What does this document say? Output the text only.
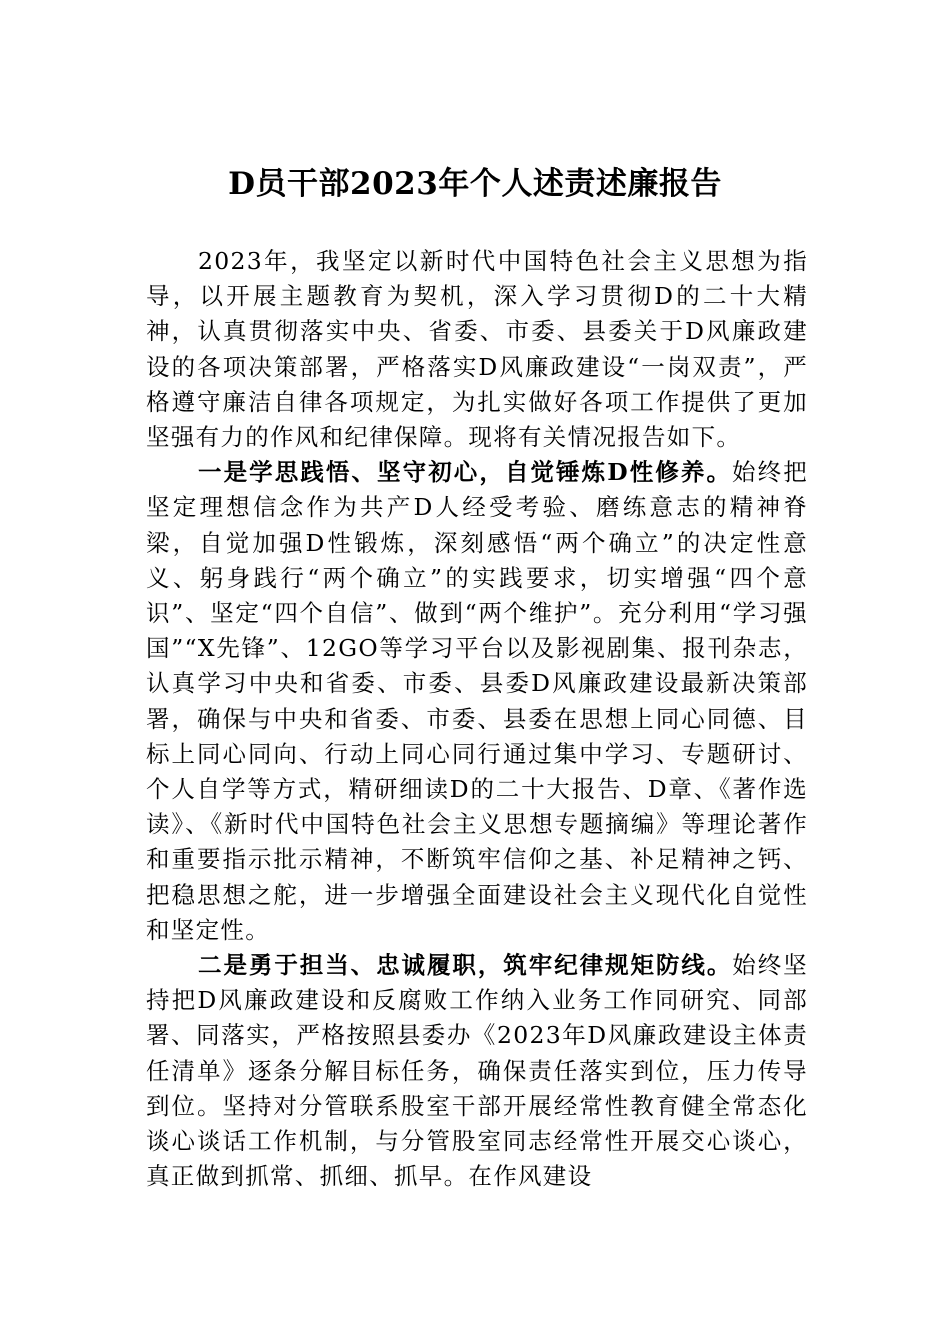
D员干部2023年个人述责述廉报告

2023年，我坚定以新时代中国特色社会主义思想为指导，以开展主题教育为契机，深入学习贯彻D的二十大精神，认真贯彻落实中央、省委、市委、县委关于D风廉政建设的各项决策部署，严格落实D风廉政建设“一岗双责”，严格遵守廉洁自律各项规定，为扎实做好各项工作提供了更加坚强有力的作风和纪律保障。现将有关情况报告如下。

一是学思践悟、坚守初心，自觉锤炼D性修养。始终把坚定理想信念作为共产D人经受考验、磨练意志的精神脊梁，自觉加强D性锻炼，深刻感悟“两个确立”的决定性意义、躬身践行“两个确立”的实践要求，切实增强“四个意识”、坚定“四个自信”、做到“两个维护”。充分利用“学习强国”“X先锋”、12GO等学习平台以及影视剧集、报刊杂志，认真学习中央和省委、市委、县委D风廉政建设最新决策部署，确保与中央和省委、市委、县委在思想上同心同德、目标上同心同向、行动上同心同行通过集中学习、专题研讨、个人自学等方式，精研细读D的二十大报告、D章、《著作选读》、《新时代中国特色社会主义思想专题摘编》等理论著作和重要指示批示精神，不断筑牢信仰之基、补足精神之钙、把稳思想之舵，进一步增强全面建设社会主义现代化自觉性和坚定性。

二是勇于担当、忠诚履职，筑牢纪律规矩防线。始终坚持把D风廉政建设和反腐败工作纳入业务工作同研究、同部署、同落实，严格按照县委办《2023年D风廉政建设主体责任清单》逐条分解目标任务，确保责任落实到位，压力传导到位。坚持对分管联系股室干部开展经常性教育健全常态化谈心谈话工作机制，与分管股室同志经常性开展交心谈心，真正做到抓常、抓细、抓早。在作风建设
